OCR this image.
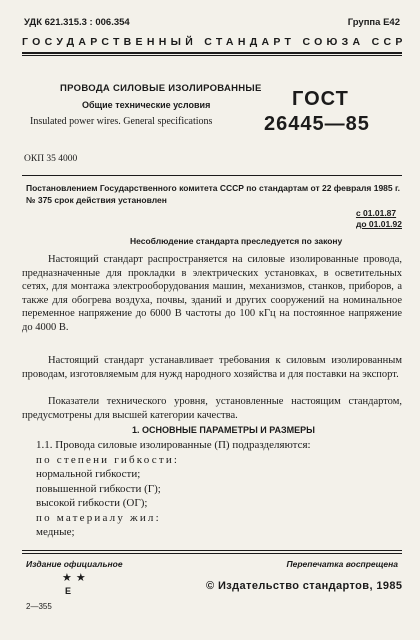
УДК 621.315.3 : 006.354	Группа Е42
ГОСУДАРСТВЕННЫЙ СТАНДАРТ СОЮЗА ССР
ПРОВОДА СИЛОВЫЕ ИЗОЛИРОВАННЫЕ
Общие технические условия
Insulated power wires. General specifications
ГОСТ
26445—85
ОКП 35 4000
Постановлением Государственного комитета СССР по стандартам от 22 февраля 1985 г. № 375 срок действия установлен
с 01.01.87
до 01.01.92
Несоблюдение стандарта преследуется по закону
Настоящий стандарт распространяется на силовые изолированные провода, предназначенные для прокладки в электрических установках, в осветительных сетях, для монтажа электрооборудования машин, механизмов, станков, приборов, а также для обогрева воздуха, почвы, зданий и других сооружений на номинальное переменное напряжение до 6000 В частоты до 100 кГц на постоянное напряжение до 4000 В.
Настоящий стандарт устанавливает требования к силовым изолированным проводам, изготовляемым для нужд народного хозяйства и для поставки на экспорт.
Показатели технического уровня, установленные настоящим стандартом, предусмотрены для высшей категории качества.
1. ОСНОВНЫЕ ПАРАМЕТРЫ И РАЗМЕРЫ
1.1. Провода силовые изолированные (П) подразделяются:
по степени гибкости:
нормальной гибкости;
повышенной гибкости (Г);
высокой гибкости (ОГ);
по материалу жил:
медные;
Издание официальное	Перепечатка воспрещена
★★
Е	© Издательство стандартов, 1985
2—355
